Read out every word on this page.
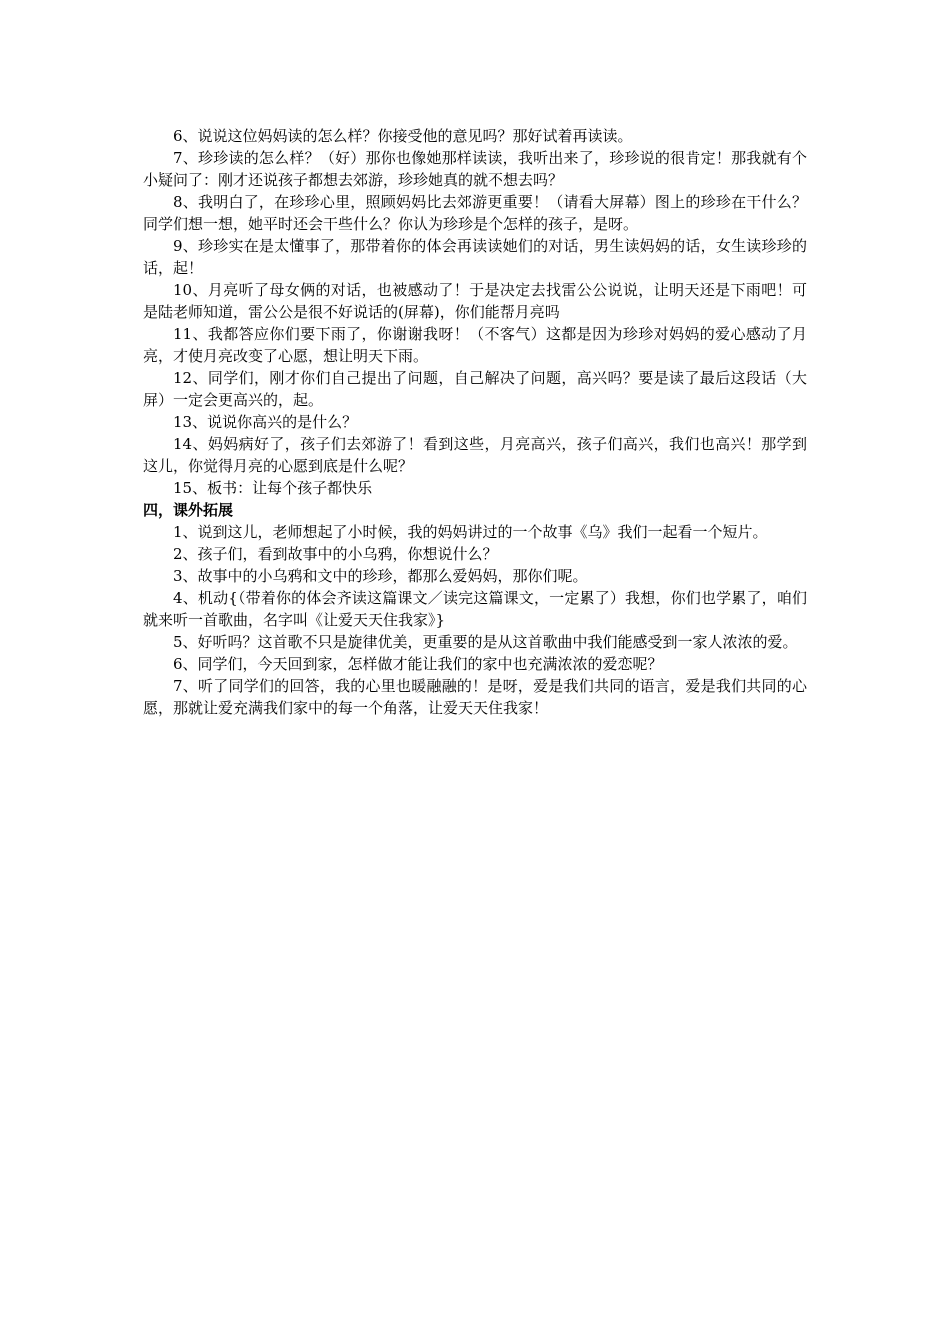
6、说说这位妈妈读的怎么样？你接受他的意见吗？那好试着再读读。

7、珍珍读的怎么样？（好）那你也像她那样读读，我听出来了，珍珍说的很肯定！那我就有个小疑问了：刚才还说孩子都想去郊游，珍珍她真的就不想去吗？

8、我明白了，在珍珍心里，照顾妈妈比去郊游更重要！（请看大屏幕）图上的珍珍在干什么？同学们想一想，她平时还会干些什么？你认为珍珍是个怎样的孩子，是呀。

9、珍珍实在是太懂事了，那带着你的体会再读读她们的对话，男生读妈妈的话，女生读珍珍的话，起！

10、月亮听了母女俩的对话，也被感动了！于是决定去找雷公公说说，让明天还是下雨吧！可是陆老师知道，雷公公是很不好说话的(屏幕)，你们能帮月亮吗

11、我都答应你们要下雨了，你谢谢我呀！（不客气）这都是因为珍珍对妈妈的爱心感动了月亮，才使月亮改变了心愿，想让明天下雨。

12、同学们，刚才你们自己提出了问题，自己解决了问题，高兴吗？要是读了最后这段话（大屏）一定会更高兴的，起。

13、说说你高兴的是什么？

14、妈妈病好了，孩子们去郊游了！看到这些，月亮高兴，孩子们高兴，我们也高兴！那学到这儿，你觉得月亮的心愿到底是什么呢？

15、板书：让每个孩子都快乐

四，课外拓展

1、说到这儿，老师想起了小时候，我的妈妈讲过的一个故事《乌》我们一起看一个短片。

2、孩子们，看到故事中的小乌鸦，你想说什么？

3、故事中的小乌鸦和文中的珍珍，都那么爱妈妈，那你们呢。

4、机动{（带着你的体会齐读这篇课文／读完这篇课文，一定累了）我想，你们也学累了，咱们就来听一首歌曲，名字叫《让爱天天住我家》}

5、好听吗？这首歌不只是旋律优美，更重要的是从这首歌曲中我们能感受到一家人浓浓的爱。

6、同学们，今天回到家，怎样做才能让我们的家中也充满浓浓的爱恋呢？

7、听了同学们的回答，我的心里也暖融融的！是呀，爱是我们共同的语言，爱是我们共同的心愿，那就让爱充满我们家中的每一个角落，让爱天天住我家！
